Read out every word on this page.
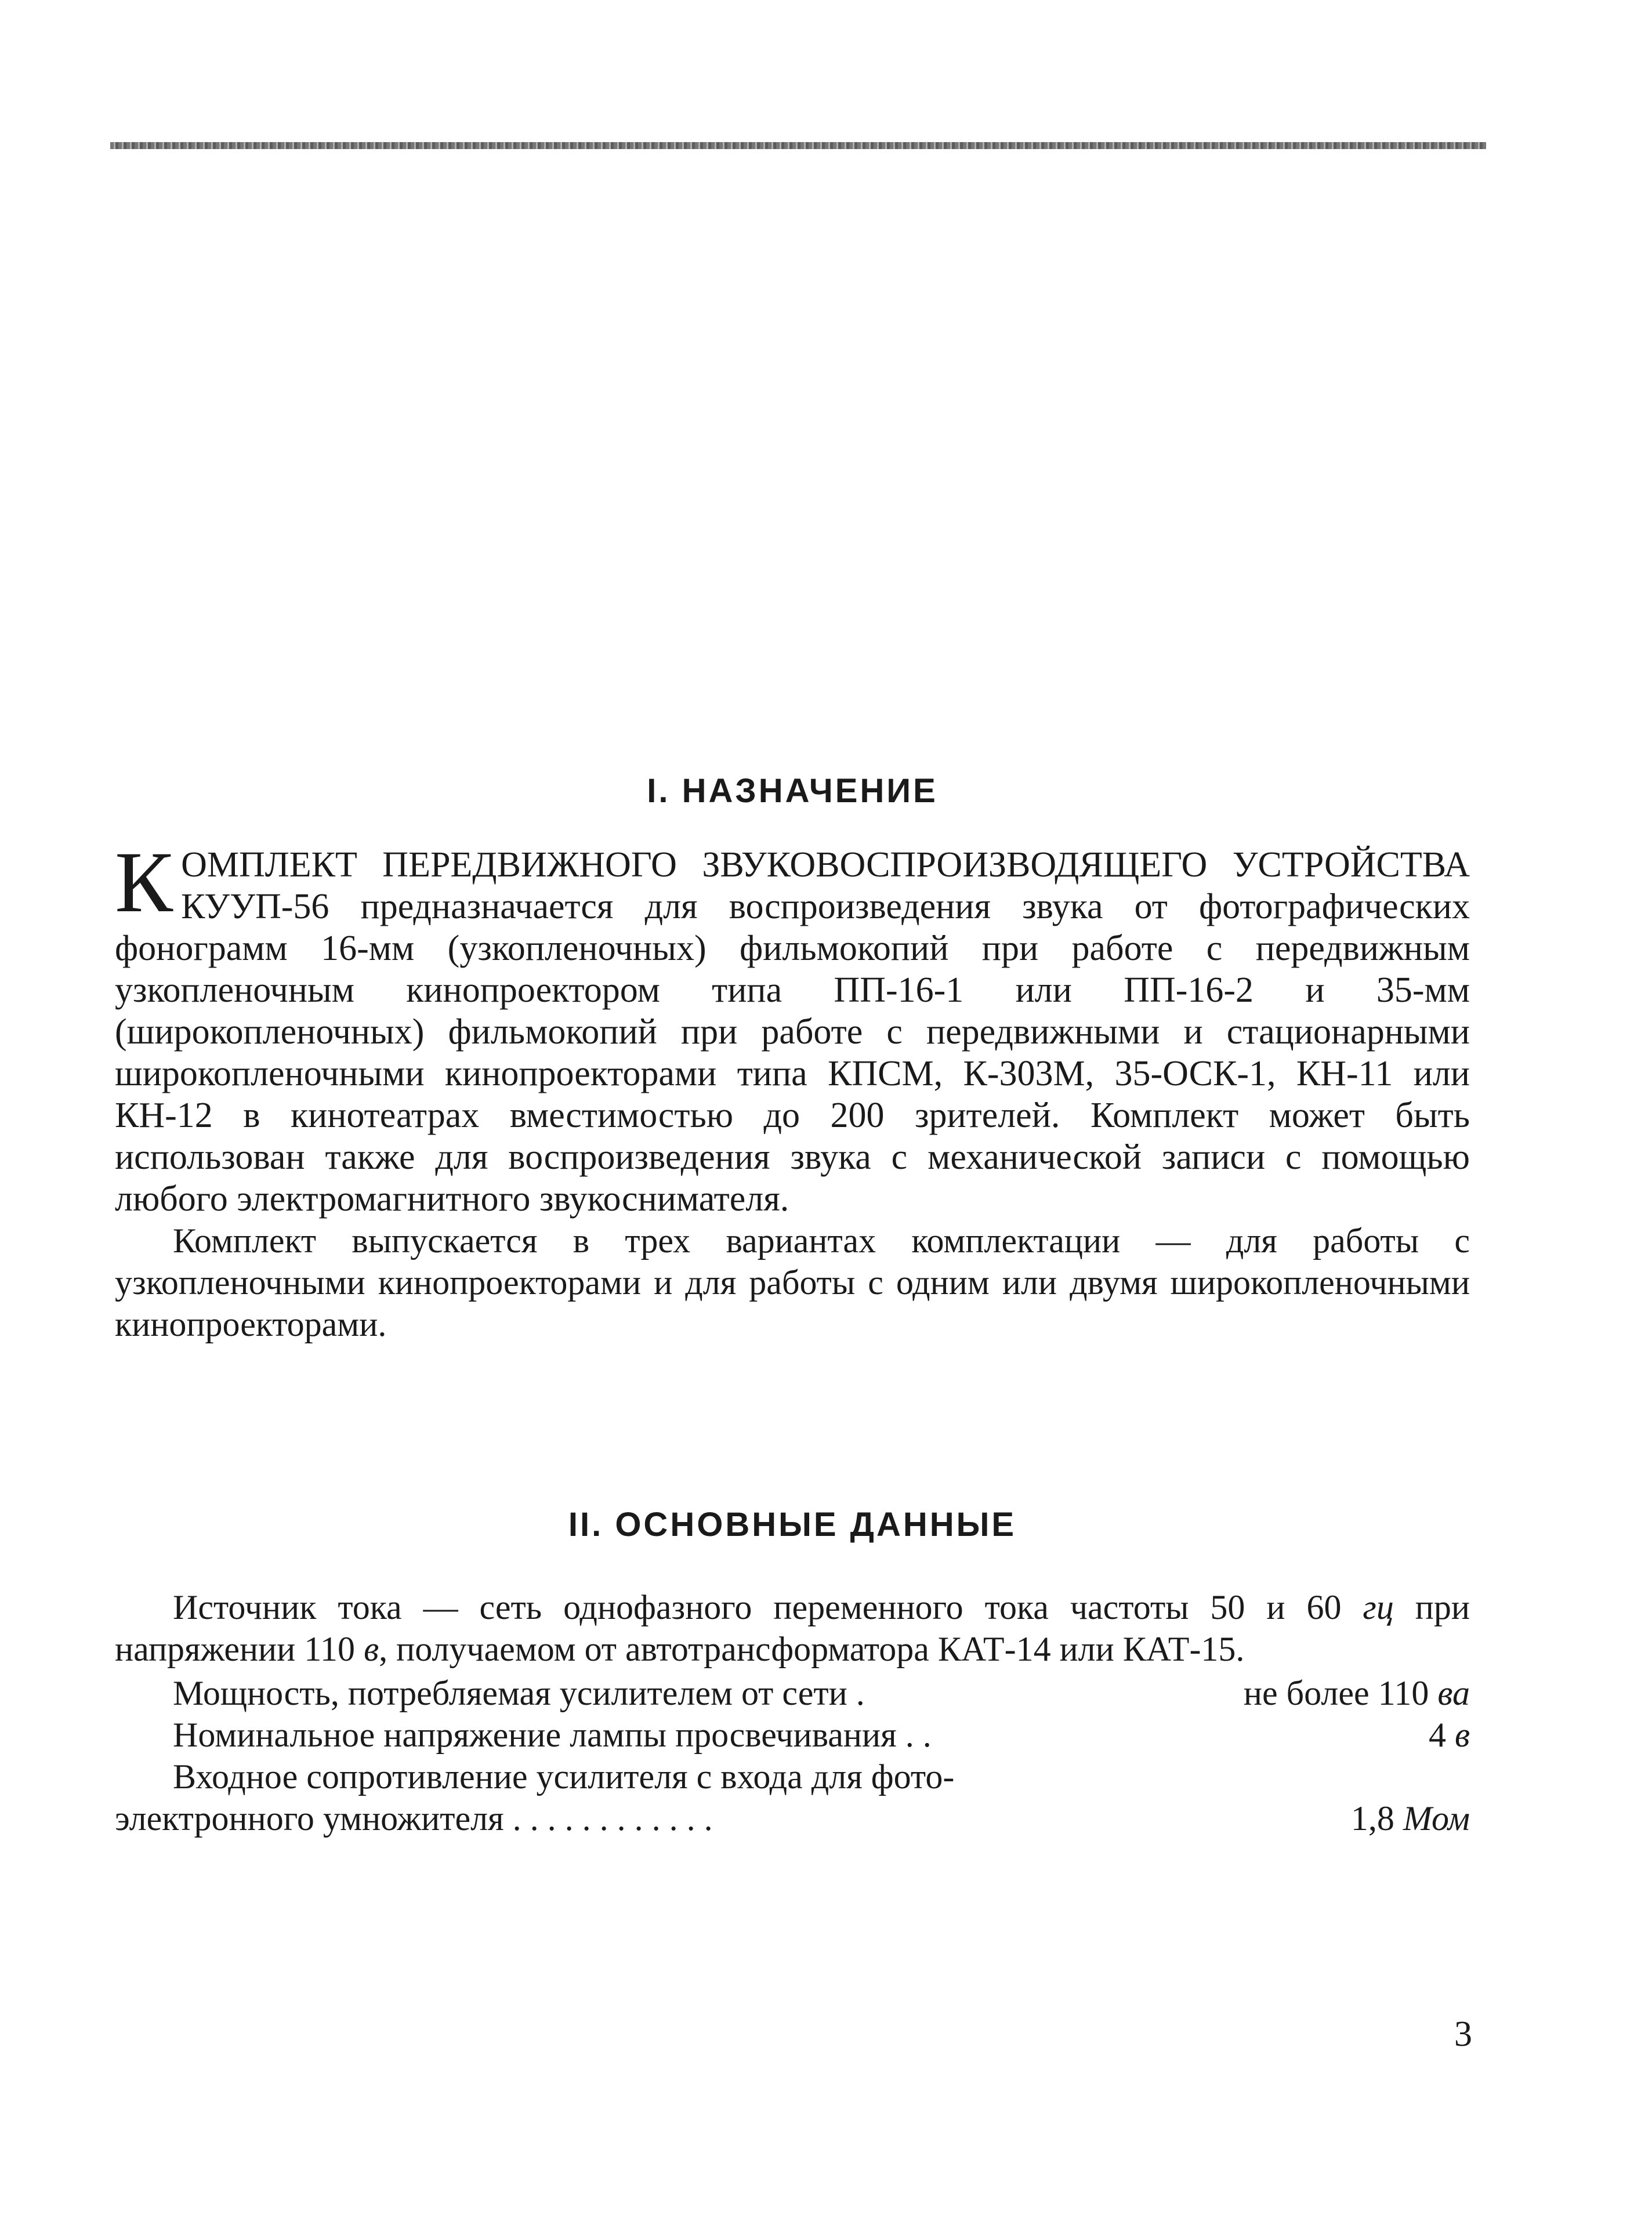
I. НАЗНАЧЕНИЕ

К ОМПЛЕКТ ПЕРЕДВИЖНОГО ЗВУКОВОСПРОИЗВОДЯЩЕГО УСТРОЙСТВА КУУП-56 предназначается для воспроизведения звука от фотографических фонограмм 16-мм (узкопленочных) фильмокопий при работе с передвижным узкопленочным кинопроектором типа ПП-16-1 или ПП-16-2 и 35-мм (широкопленочных) фильмокопий при работе с передвижными и стационарными широкопленочными кинопроекторами типа КПСМ, К-303М, 35-ОСК-1, КН-11 или КН-12 в кинотеатрах вместимостью до 200 зрителей. Комплект может быть использован также для воспроизведения звука с механической записи с помощью любого электромагнитного звукоснимателя.

Комплект выпускается в трех вариантах комплектации — для работы с узкопленочными кинопроекторами и для работы с одним или двумя широкопленочными кинопроекторами.

II. ОСНОВНЫЕ ДАННЫЕ

Источник тока — сеть однофазного переменного тока частоты 50 и 60 гц при напряжении 110 в, получаемом от автотрансформатора КАТ-14 или КАТ-15.

Мощность, потребляемая усилителем от сети .	не более 110 ва
Номинальное напряжение лампы просвечивания . .	4 в
Входное сопротивление усилителя с входа для фото-
электронного умножителя . . . . . . . . . . . .	1,8 Мом
3
